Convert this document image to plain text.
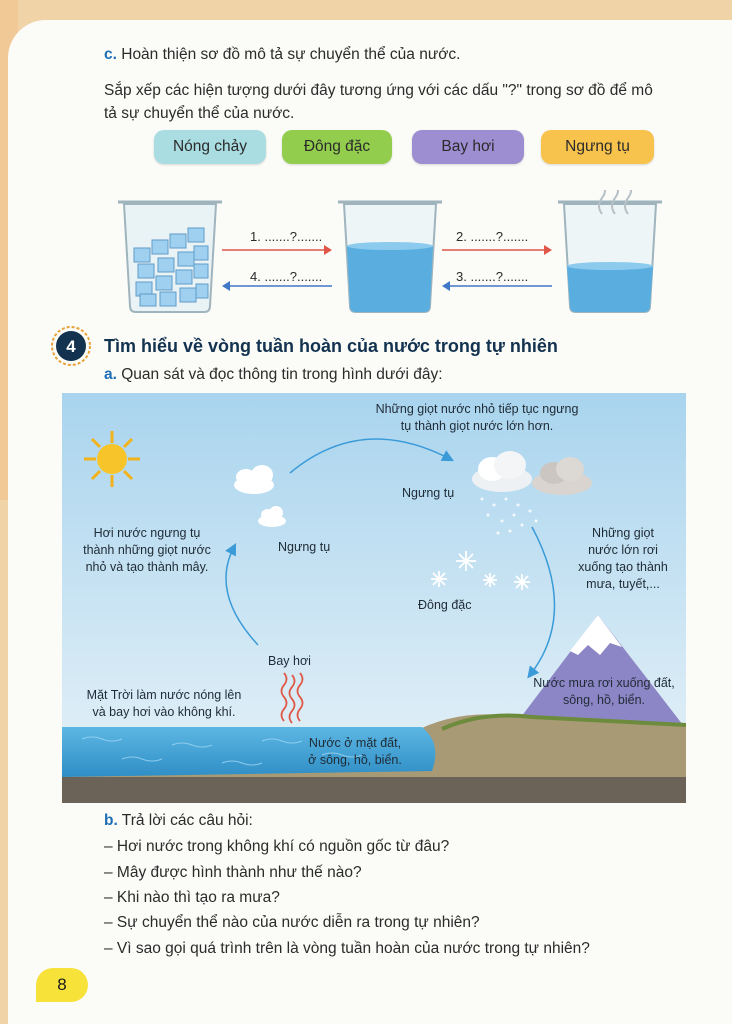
c. Hoàn thiện sơ đồ mô tả sự chuyển thể của nước.
Sắp xếp các hiện tượng dưới đây tương ứng với các dấu "?" trong sơ đồ để mô
tả sự chuyển thể của nước.
Nóng chảy	Đông đặc	Bay hơi	Ngưng tụ
1. .......?.......
4. .......?.......
2. .......?.......
3. .......?.......
4 Tìm hiểu về vòng tuần hoàn của nước trong tự nhiên
a. Quan sát và đọc thông tin trong hình dưới đây:
Những giọt nước nhỏ tiếp tục ngưng
tụ thành giọt nước lớn hơn.
Ngưng tụ
Hơi nước ngưng tụ
thành những giọt nước
nhỏ và tạo thành mây.
Ngưng tụ
Những giọt
nước lớn rơi
xuống tạo thành
mưa, tuyết,...
Đông đặc
Bay hơi
Mặt Trời làm nước nóng lên
và bay hơi vào không khí.
Nước mưa rơi xuống đất,
sông, hồ, biển.
Nước ở mặt đất,
ở sông, hồ, biển.
b. Trả lời các câu hỏi:
– Hơi nước trong không khí có nguồn gốc từ đâu?
– Mây được hình thành như thế nào?
– Khi nào thì tạo ra mưa?
– Sự chuyển thể nào của nước diễn ra trong tự nhiên?
– Vì sao gọi quá trình trên là vòng tuần hoàn của nước trong tự nhiên?
8
